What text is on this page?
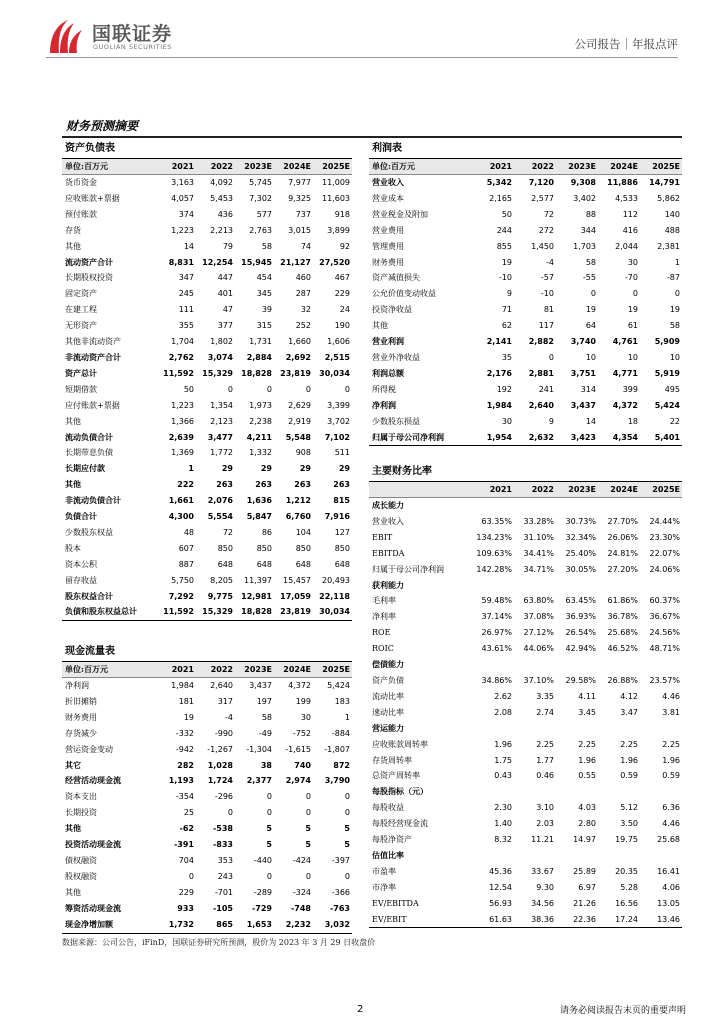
国联证券
GUOLIAN SECURITIES	公司报告｜年报点评
财务预测摘要
资产负债表					
单位:百万元	2021	2022	2023E	2024E	2025E
货币资金	3,163	4,092	5,745	7,977	11,009
应收账款+票据	4,057	5,453	7,302	9,325	11,603
预付账款	374	436	577	737	918
存货	1,223	2,213	2,763	3,015	3,899
其他	14	79	58	74	92
流动资产合计	8,831	12,254	15,945	21,127	27,520
长期股权投资	347	447	454	460	467
固定资产	245	401	345	287	229
在建工程	111	47	39	32	24
无形资产	355	377	315	252	190
其他非流动资产	1,704	1,802	1,731	1,660	1,606
非流动资产合计	2,762	3,074	2,884	2,692	2,515
资产总计	11,592	15,329	18,828	23,819	30,034
短期借款	50	0	0	0	0
应付账款+票据	1,223	1,354	1,973	2,629	3,399
其他	1,366	2,123	2,238	2,919	3,702
流动负债合计	2,639	3,477	4,211	5,548	7,102
长期带息负债	1,369	1,772	1,332	908	511
长期应付款	1	29	29	29	29
其他	222	263	263	263	263
非流动负债合计	1,661	2,076	1,636	1,212	815
负债合计	4,300	5,554	5,847	6,760	7,916
少数股东权益	48	72	86	104	127
股本	607	850	850	850	850
资本公积	887	648	648	648	648
留存收益	5,750	8,205	11,397	15,457	20,493
股东权益合计	7,292	9,775	12,981	17,059	22,118
负债和股东权益总计	11,592	15,329	18,828	23,819	30,034
现金流量表					
单位:百万元	2021	2022	2023E	2024E	2025E
净利润	1,984	2,640	3,437	4,372	5,424
折旧摊销	181	317	197	199	183
财务费用	19	-4	58	30	1
存货减少	-332	-990	-49	-752	-884
营运资金变动	-942	-1,267	-1,304	-1,615	-1,807
其它	282	1,028	38	740	872
经营活动现金流	1,193	1,724	2,377	2,974	3,790
资本支出	-354	-296	0	0	0
长期投资	25	0	0	0	0
其他	-62	-538	5	5	5
投资活动现金流	-391	-833	5	5	5
债权融资	704	353	-440	-424	-397
股权融资	0	243	0	0	0
其他	229	-701	-289	-324	-366
筹资活动现金流	933	-105	-729	-748	-763
现金净增加额	1,732	865	1,653	2,232	3,032
利润表					
单位:百万元	2021	2022	2023E	2024E	2025E
营业收入	5,342	7,120	9,308	11,886	14,791
营业成本	2,165	2,577	3,402	4,533	5,862
营业税金及附加	50	72	88	112	140
营业费用	244	272	344	416	488
管理费用	855	1,450	1,703	2,044	2,381
财务费用	19	-4	58	30	1
资产减值损失	-10	-57	-55	-70	-87
公允价值变动收益	9	-10	0	0	0
投资净收益	71	81	19	19	19
其他	62	117	64	61	58
营业利润	2,141	2,882	3,740	4,761	5,909
营业外净收益	35	0	10	10	10
利润总额	2,176	2,881	3,751	4,771	5,919
所得税	192	241	314	399	495
净利润	1,984	2,640	3,437	4,372	5,424
少数股东损益	30	9	14	18	22
归属于母公司净利润	1,954	2,632	3,423	4,354	5,401
主要财务比率					
	2021	2022	2023E	2024E	2025E
成长能力					
营业收入	63.35%	33.28%	30.73%	27.70%	24.44%
EBIT	134.23%	31.10%	32.34%	26.06%	23.30%
EBITDA	109.63%	34.41%	25.40%	24.81%	22.07%
归属于母公司净利润	142.28%	34.71%	30.05%	27.20%	24.06%
获利能力					
毛利率	59.48%	63.80%	63.45%	61.86%	60.37%
净利率	37.14%	37.08%	36.93%	36.78%	36.67%
ROE	26.97%	27.12%	26.54%	25.68%	24.56%
ROIC	43.61%	44.06%	42.94%	46.52%	48.71%
偿债能力					
资产负债	34.86%	37.10%	29.58%	26.88%	23.57%
流动比率	2.62	3.35	4.11	4.12	4.46
速动比率	2.08	2.74	3.45	3.47	3.81
营运能力					
应收账款周转率	1.96	2.25	2.25	2.25	2.25
存货周转率	1.75	1.77	1.96	1.96	1.96
总资产周转率	0.43	0.46	0.55	0.59	0.59
每股指标（元）					
每股收益	2.30	3.10	4.03	5.12	6.36
每股经营现金流	1.40	2.03	2.80	3.50	4.46
每股净资产	8.32	11.21	14.97	19.75	25.68
估值比率					
市盈率	45.36	33.67	25.89	20.35	16.41
市净率	12.54	9.30	6.97	5.28	4.06
EV/EBITDA	56.93	34.56	21.26	16.56	13.05
EV/EBIT	61.63	38.36	22.36	17.24	13.46
数据来源：公司公告，iFinD，国联证券研究所预测，股价为 2023 年 3 月 29 日收盘价
2	请务必阅读报告末页的重要声明
